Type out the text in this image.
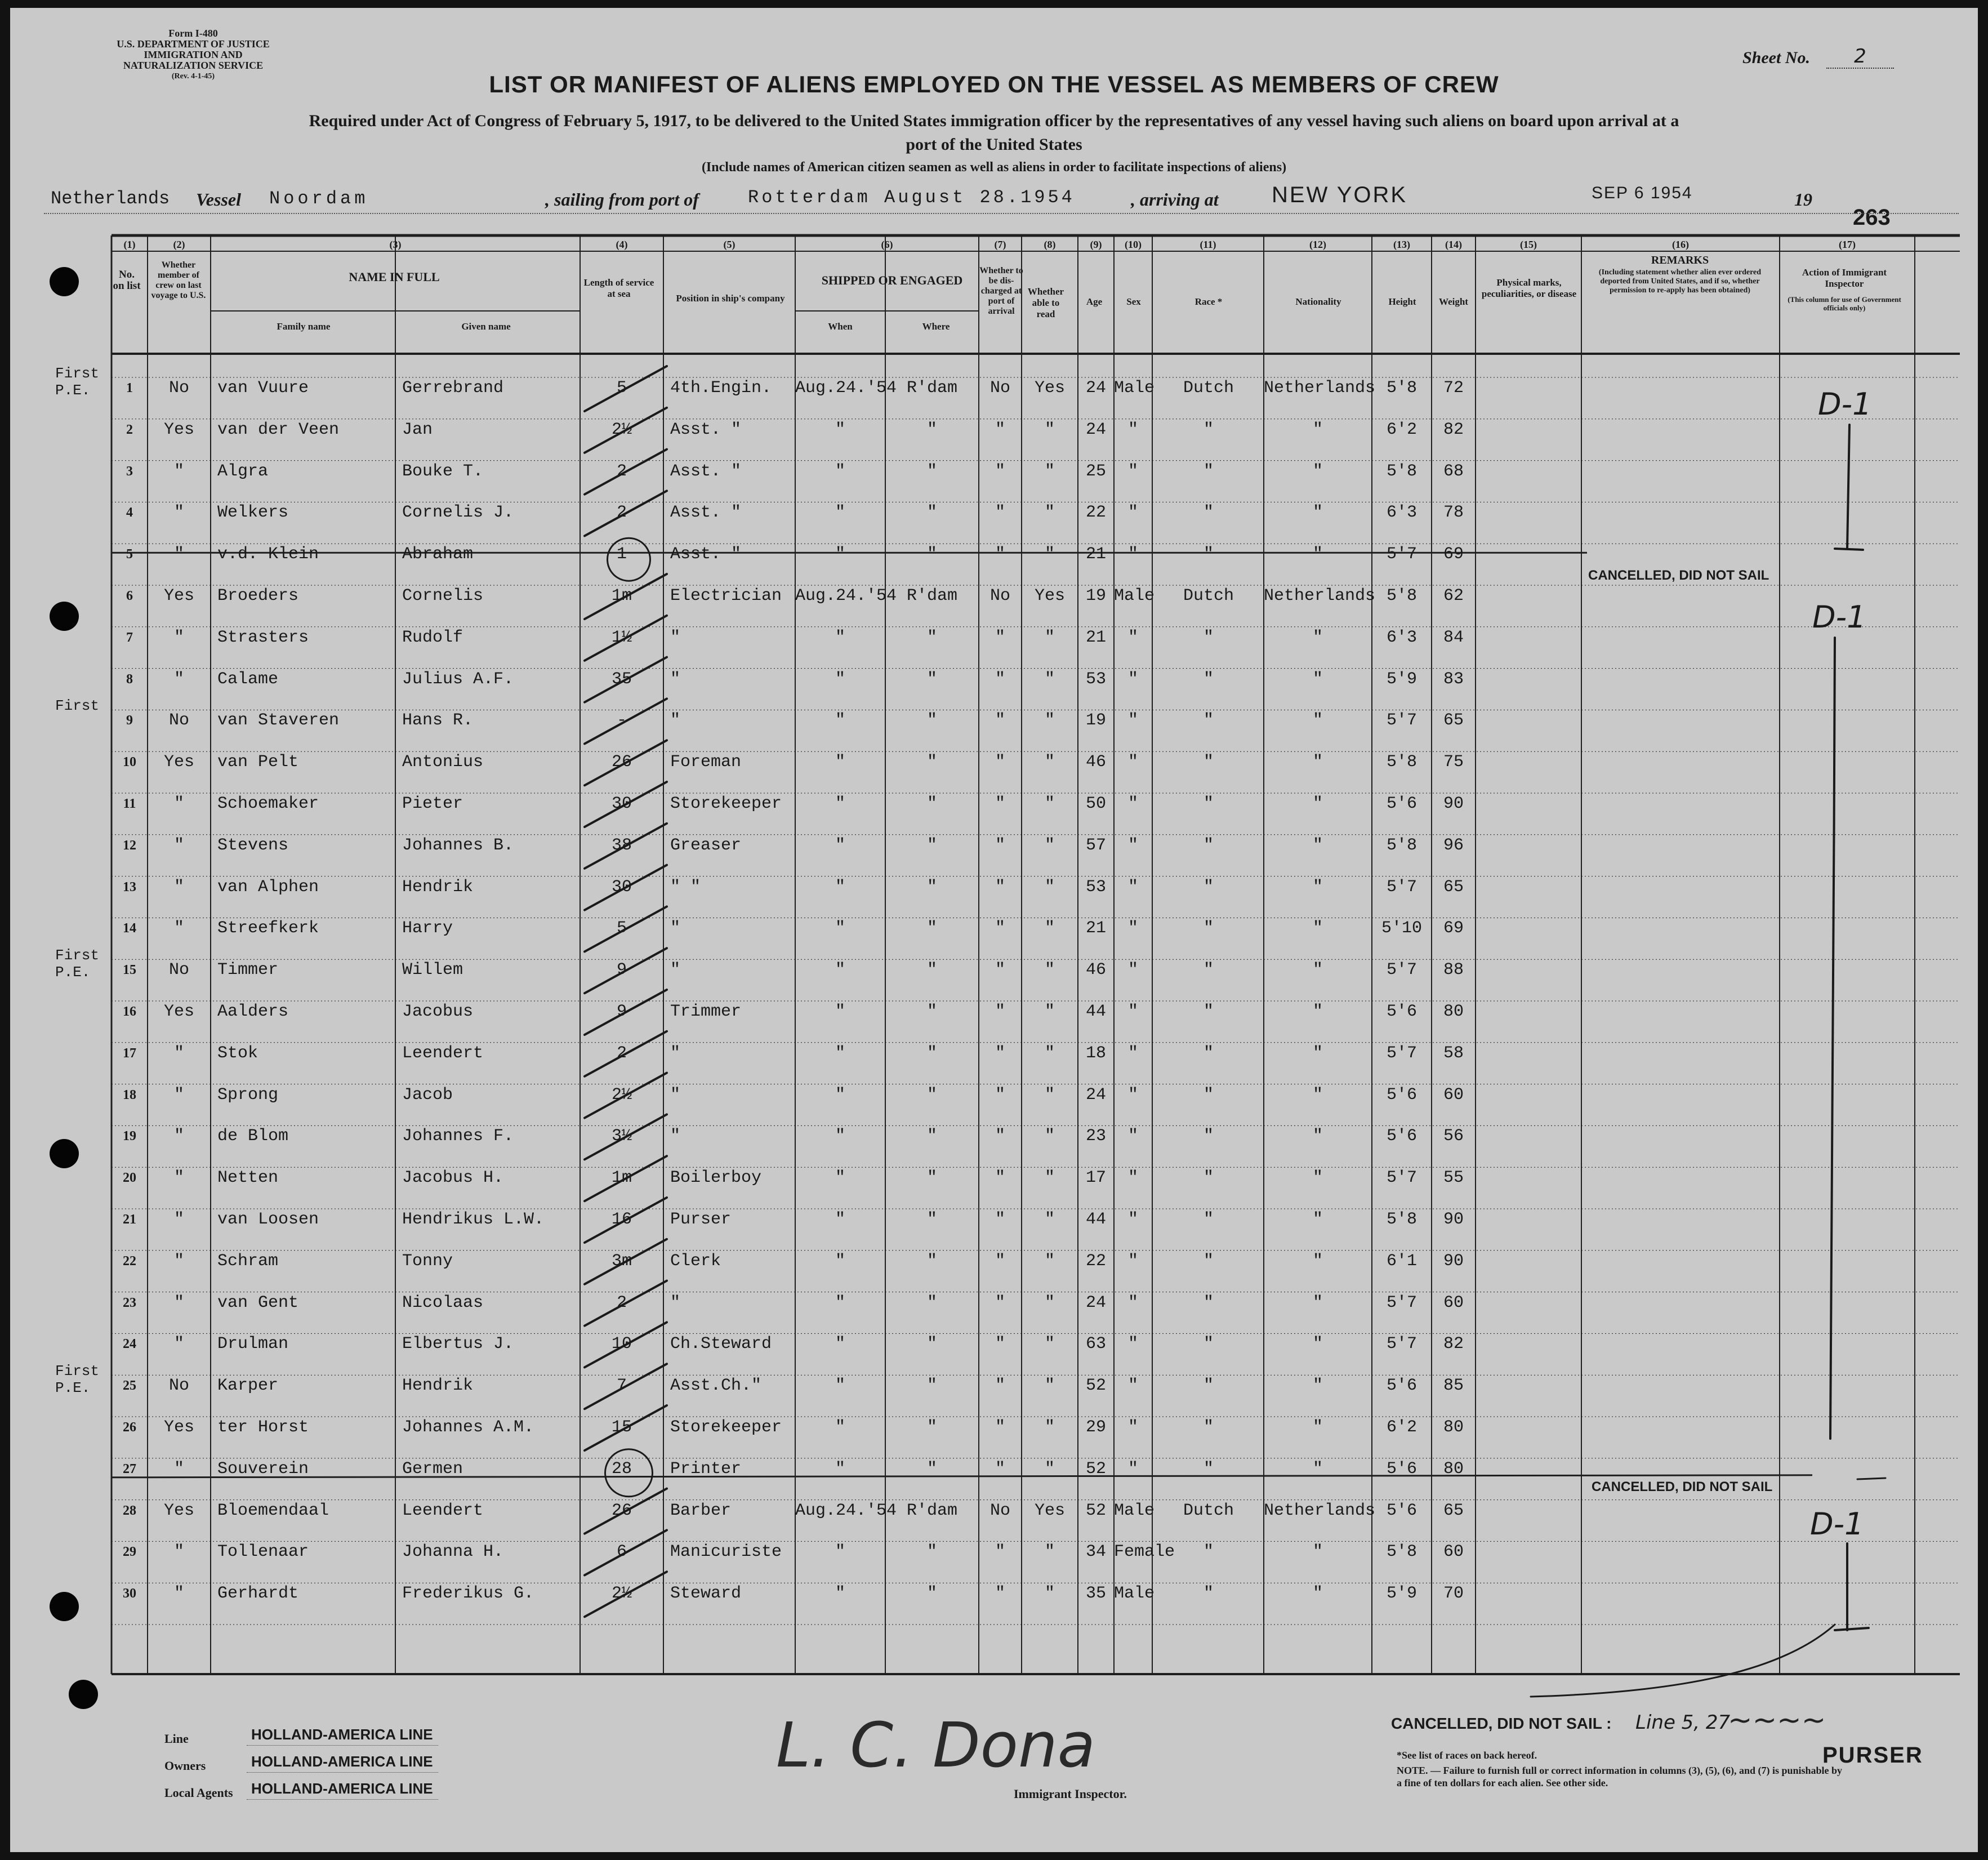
Form I-480
U.S. DEPARTMENT OF JUSTICE
IMMIGRATION AND NATURALIZATION SERVICE
(Rev. 4-1-45)
Sheet No.	2
LIST OR MANIFEST OF ALIENS EMPLOYED ON THE VESSEL AS MEMBERS OF CREW
Required under Act of Congress of February 5, 1917, to be delivered to the United States immigration officer by the representatives of any vessel having such aliens on board upon arrival at a
port of the United States
(Include names of American citizen seamen as well as aliens in order to facilitate inspections of aliens)
Netherlands Vessel Noordam	, sailing from port of	Rotterdam August 28.1954	, arriving at NEW YORK	SEP 6 1954	19
263
(1)	(2)	(3)	(4)	(5)	(6)	(7)	(8)	(9)	(10)	(11)	(12)	(13)	(14)	(15)	(16)	(17)
No. on list
Whether member of crew on last voyage to U.S.
NAME IN FULL
Family name	Given name
Length of service at sea	Position in ship's company
SHIPPED OR ENGAGED
When	Where
Whether to be dis-charged at port of arrival
Whether able to read
Age	Sex	Race *	Nationality	Height	Weight
Physical marks, peculiarities, or disease
REMARKS
(Including statement whether alien ever ordered deported from United States, and if so, whether permission to re-apply has been obtained)
Action of Immigrant Inspector
(This column for use of Government officials only)
1	No	van Vuure	Gerrebrand	5	4th.Engin.	Aug.24.'54 R'dam	No	Yes	24 Male	Dutch	Netherlands 5'8	72
2	Yes	van der Veen	Jan	2½	Asst. "	"	"	"	"	24	"	"	"	6'2	82
3	"	Algra	Bouke T.	2	Asst. "	"	"	"	"	25	"	"	"	5'8	68
4	"	Welkers	Cornelis J.	2	Asst. "	"	"	"	"	22	"	"	"	6'3	78
5	"	v.d. Klein	Abraham	1	Asst. "	"	"	"	"	21	"	"	"	5'7	69
6	Yes	Broeders	Cornelis	1m	Electrician Aug.24.'54 R'dam	No	Yes	19 Male	Dutch	Netherlands 5'8	62
7	"	Strasters	Rudolf	1½	"	"	"	"	"	21	"	"	"	6'3	84
8	"	Calame	Julius A.F.	35	"	"	"	"	"	53	"	"	"	5'9	83
9	No	van Staveren	Hans R.	-	"	"	"	"	"	19	"	"	"	5'7	65
10	Yes	van Pelt	Antonius	26	Foreman	"	"	"	"	46	"	"	"	5'8	75
11	"	Schoemaker	Pieter	30	Storekeeper	"	"	"	"	50	"	"	"	5'6	90
12	"	Stevens	Johannes B.	38	Greaser	"	"	"	"	57	"	"	"	5'8	96
13	"	van Alphen	Hendrik	30	" "	"	"	"	"	53	"	"	"	5'7	65
14	"	Streefkerk	Harry	5	"	"	"	"	"	21	"	"	"	5'10	69
15	No	Timmer	Willem	9	"	"	"	"	"	46	"	"	"	5'7	88
16	Yes	Aalders	Jacobus	9	Trimmer	"	"	"	"	44	"	"	"	5'6	80
17	"	Stok	Leendert	2	"	"	"	"	"	18	"	"	"	5'7	58
18	"	Sprong	Jacob	2½	"	"	"	"	"	24	"	"	"	5'6	60
19	"	de Blom	Johannes F.	3½	"	"	"	"	"	23	"	"	"	5'6	56
20	"	Netten	Jacobus H.	1m	Boilerboy	"	"	"	"	17	"	"	"	5'7	55
21	"	van Loosen	Hendrikus L.W.	16	Purser	"	"	"	"	44	"	"	"	5'8	90
22	"	Schram	Tonny	3m	Clerk	"	"	"	"	22	"	"	"	6'1	90
23	"	van Gent	Nicolaas	2	"	"	"	"	"	24	"	"	"	5'7	60
24	"	Drulman	Elbertus J.	10	Ch.Steward	"	"	"	"	63	"	"	"	5'7	82
25	No	Karper	Hendrik	7	Asst.Ch."	"	"	"	"	52	"	"	"	5'6	85
26	Yes	ter Horst	Johannes A.M.	15	Storekeeper	"	"	"	"	29	"	"	"	6'2	80
27	"	Souverein	Germen	28	Printer	"	"	"	"	52	"	"	"	5'6	80
28	Yes	Bloemendaal	Leendert	26	Barber	Aug.24.'54 R'dam	No	Yes	52 Male	Dutch	Netherlands 5'6	65
29	"	Tollenaar	Johanna H.	6	Manicuriste	"	"	"	"	34 Female	"	"	5'8	60
30	"	Gerhardt	Frederikus G.	2½	Steward	"	"	"	"	35 Male	"	"	5'9	70
First
P.E.
First
First
P.E.
First
P.E.
CANCELLED, DID NOT SAIL
CANCELLED, DID NOT SAIL
D-1
D-1
D-1
Line
Owners
Local Agents
HOLLAND-AMERICA LINE
HOLLAND-AMERICA LINE
HOLLAND-AMERICA LINE
L. C. Dona
Immigrant Inspector.
CANCELLED, DID NOT SAIL : Line 5, 27
~~~~
PURSER
*See list of races on back hereof.
NOTE. — Failure to furnish full or correct information in columns (3), (5), (6), and (7) is punishable by a fine of ten dollars for each alien. See other side.
